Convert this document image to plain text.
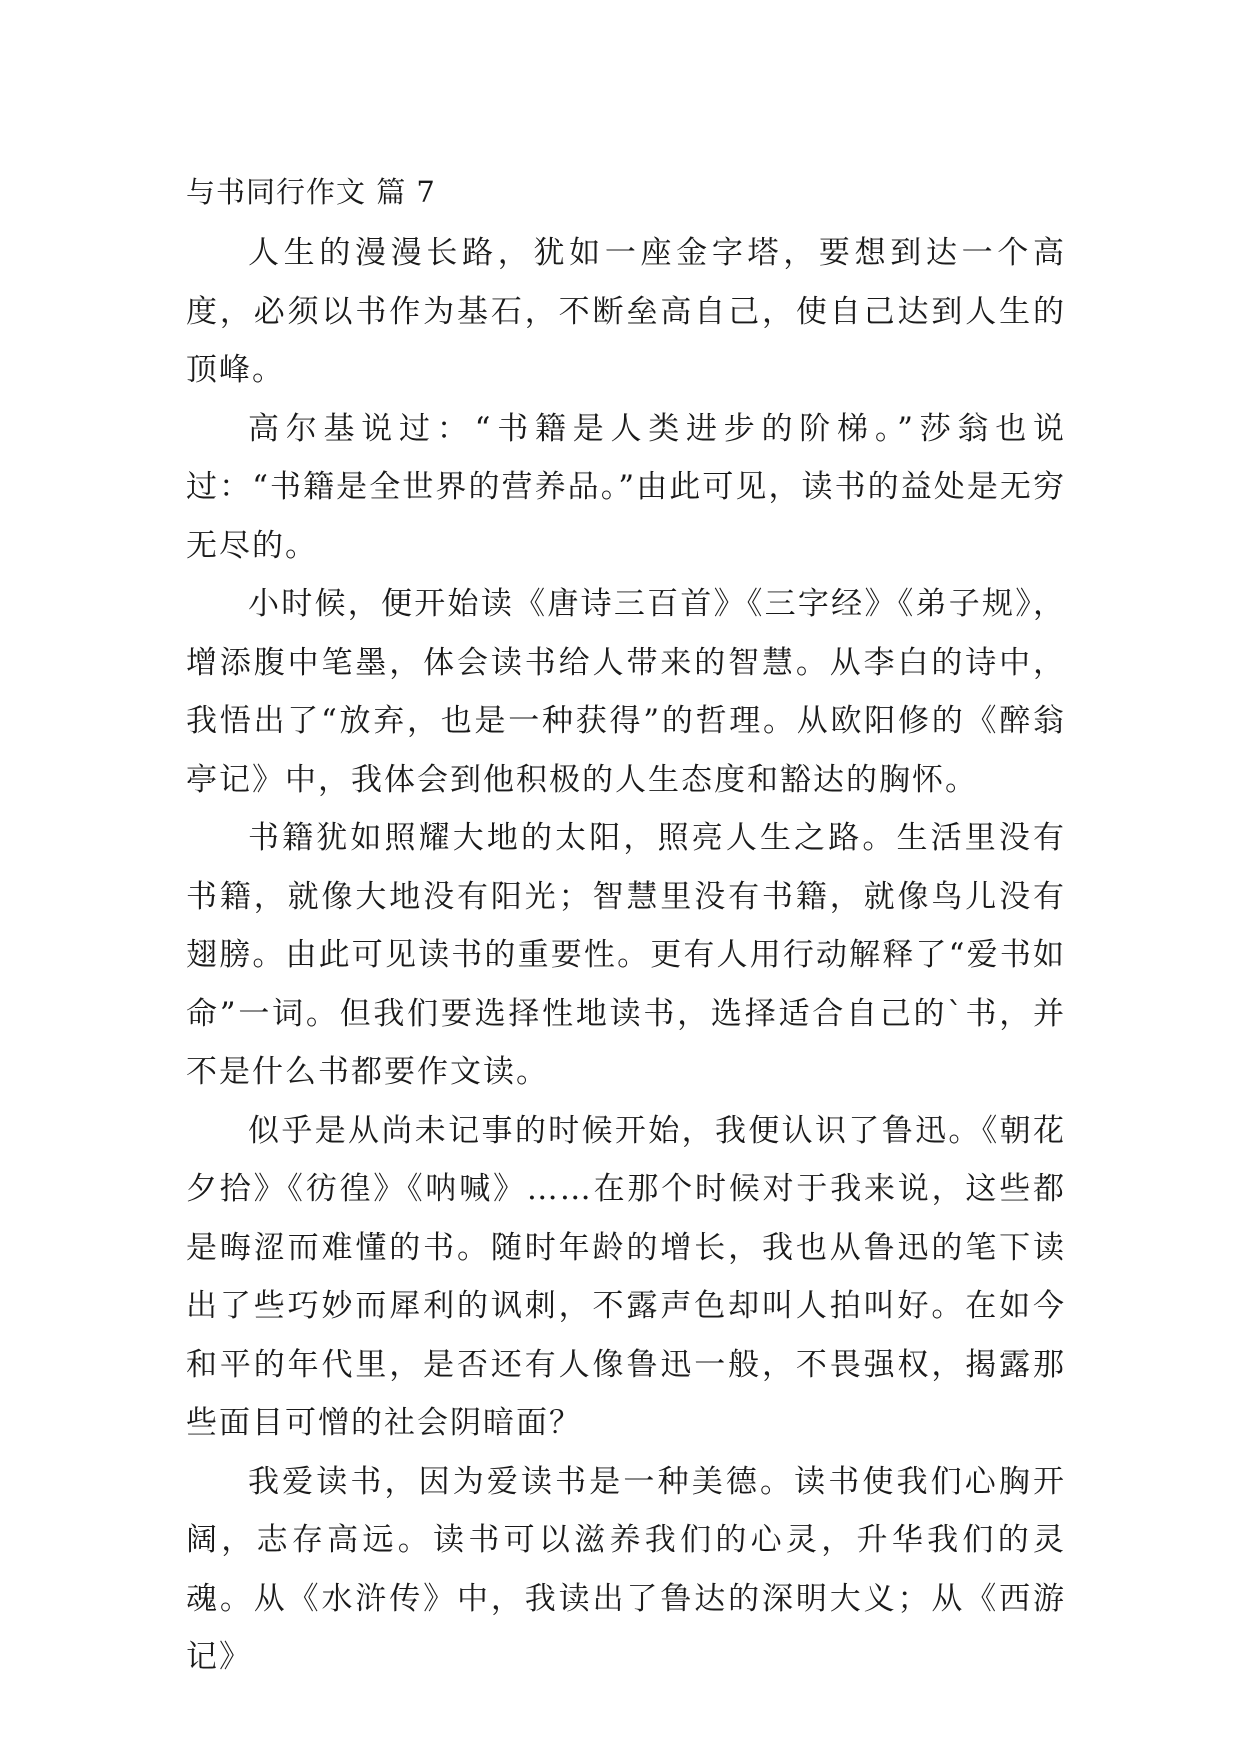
与书同行作文 篇 7

人生的漫漫长路，犹如一座金字塔，要想到达一个高度，必须以书作为基石，不断垒高自己，使自己达到人生的顶峰。

高尔基说过：“书籍是人类进步的阶梯。”莎翁也说过：“书籍是全世界的营养品。”由此可见，读书的益处是无穷无尽的。

小时候，便开始读《唐诗三百首》《三字经》《弟子规》，增添腹中笔墨，体会读书给人带来的智慧。从李白的诗中，我悟出了“放弃，也是一种获得”的哲理。从欧阳修的《醉翁亭记》中，我体会到他积极的人生态度和豁达的胸怀。

书籍犹如照耀大地的太阳，照亮人生之路。生活里没有书籍，就像大地没有阳光；智慧里没有书籍，就像鸟儿没有翅膀。由此可见读书的重要性。更有人用行动解释了“爱书如命”一词。但我们要选择性地读书，选择适合自己的`书，并不是什么书都要作文读。

似乎是从尚未记事的时候开始，我便认识了鲁迅。《朝花夕拾》《彷徨》《呐喊》……在那个时候对于我来说，这些都是晦涩而难懂的书。随时年龄的增长，我也从鲁迅的笔下读出了些巧妙而犀利的讽刺，不露声色却叫人拍叫好。在如今和平的年代里，是否还有人像鲁迅一般，不畏强权，揭露那些面目可憎的社会阴暗面？

我爱读书，因为爱读书是一种美德。读书使我们心胸开阔，志存高远。读书可以滋养我们的心灵，升华我们的灵魂。从《水浒传》中，我读出了鲁达的深明大义；从《西游记》
